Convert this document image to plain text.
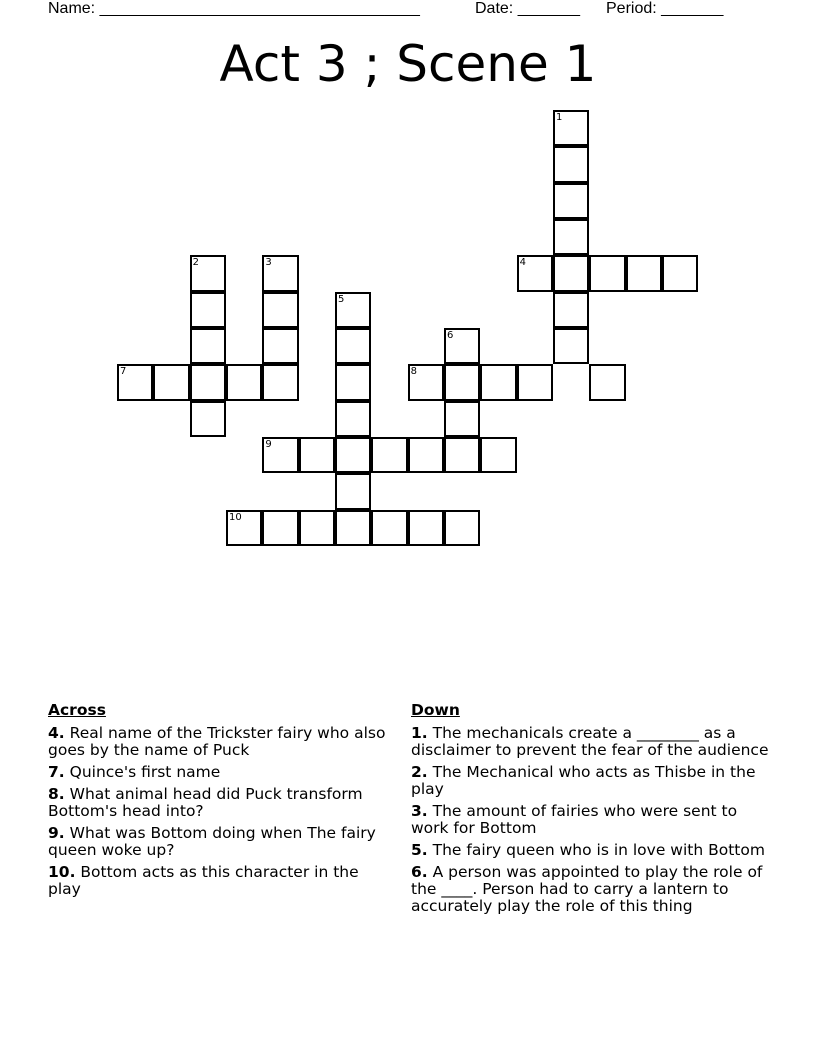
Name: ____________________________________	Date: _______ Period: _______
Act 3 ; Scene 1
1
4
2	3
5
7
6
8
9
10
Across
4. Real name of the Trickster fairy who also goes by the name of Puck
7. Quince's first name
8. What animal head did Puck transform Bottom's head into?
9. What was Bottom doing when The fairy queen woke up?
10. Bottom acts as this character in the play
Down
1. The mechanicals create a ________ as a disclaimer to prevent the fear of the audience
2. The Mechanical who acts as Thisbe in the play
3. The amount of fairies who were sent to work for Bottom
5. The fairy queen who is in love with Bottom
6. A person was appointed to play the role of the ____. Person had to carry a lantern to accurately play the role of this thing
